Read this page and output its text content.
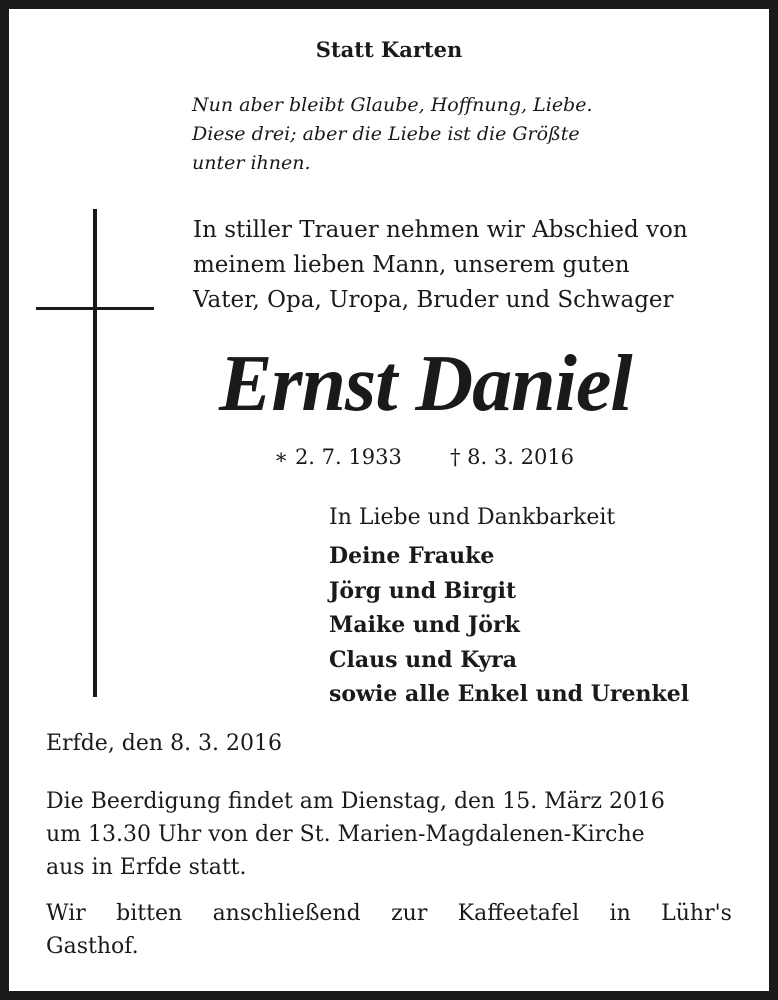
Statt Karten
Nun aber bleibt Glaube, Hoffnung, Liebe.
Diese drei; aber die Liebe ist die Größte
unter ihnen.
In stiller Trauer nehmen wir Abschied von
meinem lieben Mann, unserem guten
Vater, Opa, Uropa, Bruder und Schwager
Ernst Daniel
∗ 2. 7. 1933 † 8. 3. 2016
In Liebe und Dankbarkeit
Deine Frauke
Jörg und Birgit
Maike und Jörk
Claus und Kyra
sowie alle Enkel und Urenkel
Erfde, den 8. 3. 2016
Die Beerdigung findet am Dienstag, den 15. März 2016
um 13.30 Uhr von der St. Marien-Magdalenen-Kirche
aus in Erfde statt.
Wir bitten anschließend zur Kaffeetafel in Lühr's
Gasthof.
